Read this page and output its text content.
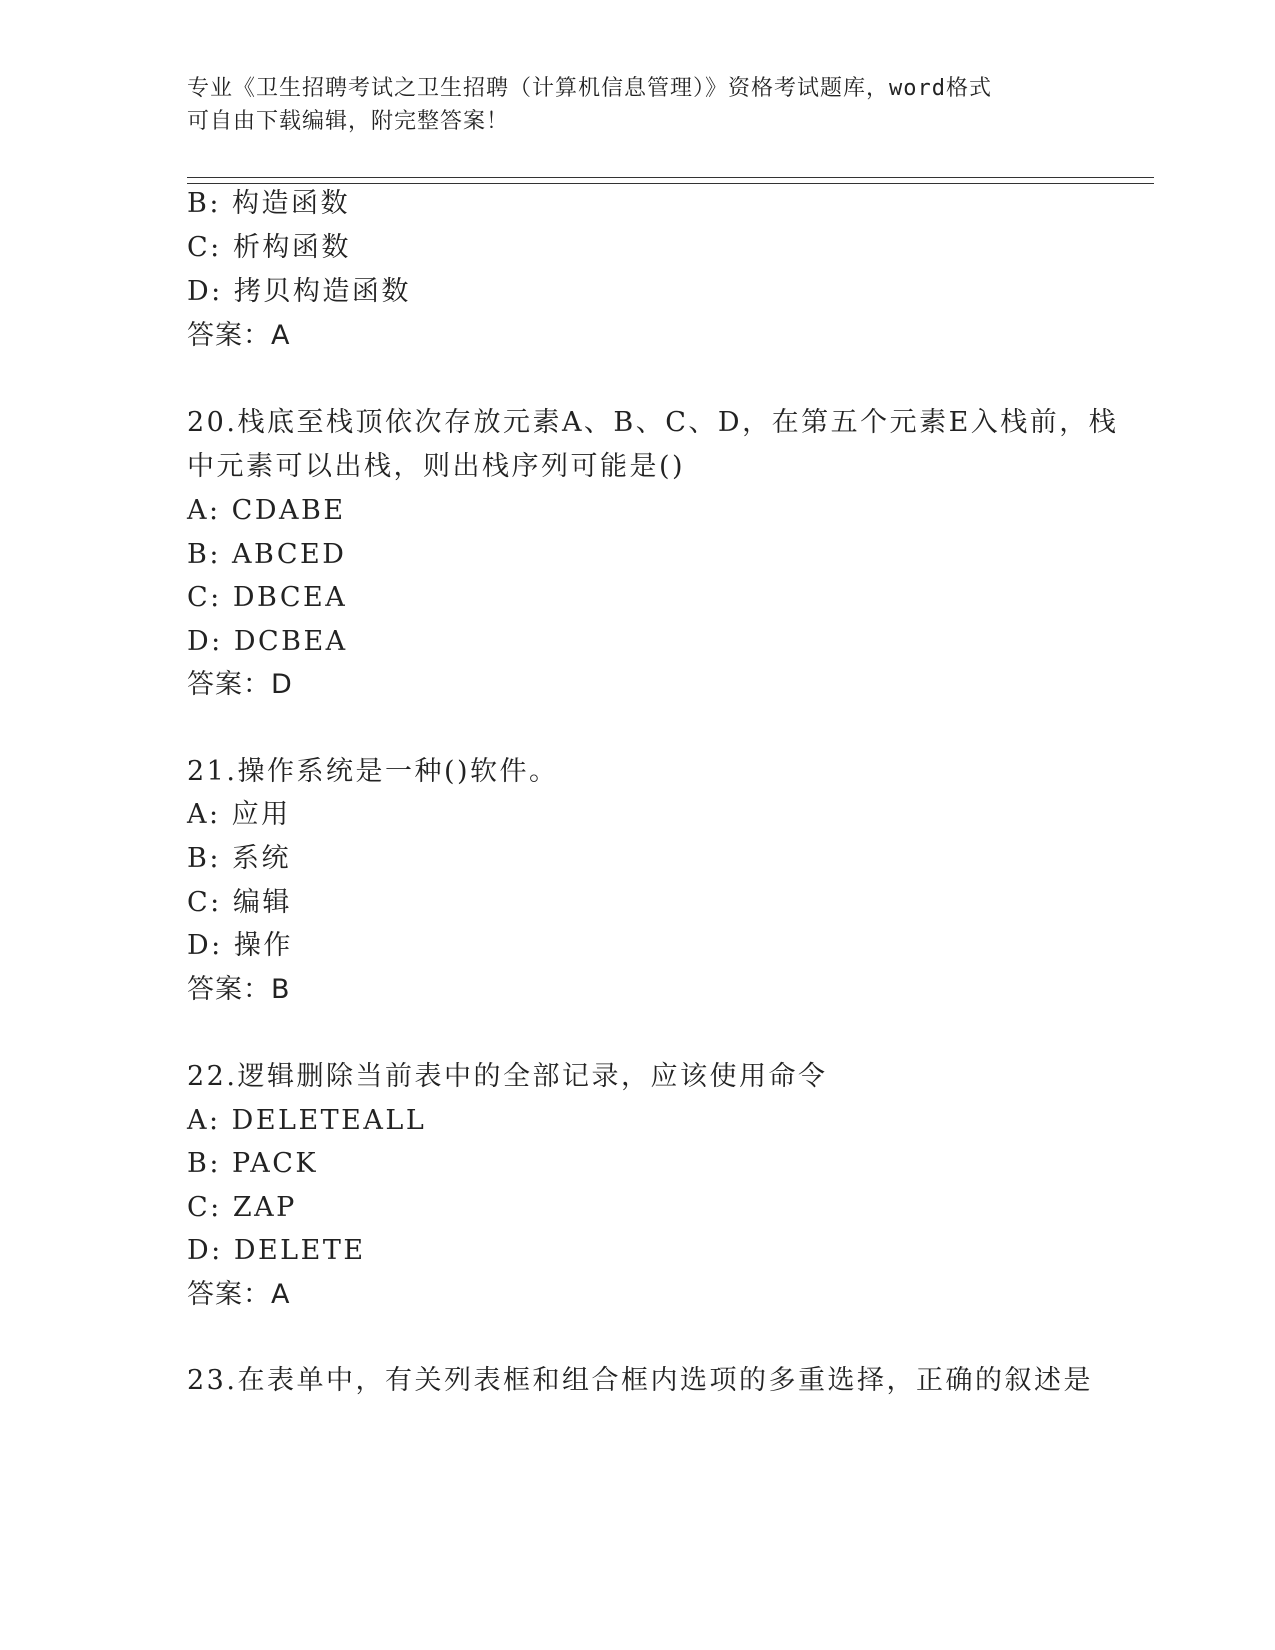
专业《卫生招聘考试之卫生招聘（计算机信息管理）》资格考试题库，word格式
可自由下载编辑，附完整答案！
B: 构造函数
C: 析构函数
D: 拷贝构造函数
答案：A
20.栈底至栈顶依次存放元素A、B、C、D，在第五个元素E入栈前，栈
中元素可以出栈，则出栈序列可能是()
A: CDABE
B: ABCED
C: DBCEA
D: DCBEA
答案：D
21.操作系统是一种()软件。
A: 应用
B: 系统
C: 编辑
D: 操作
答案：B
22.逻辑删除当前表中的全部记录，应该使用命令
A: DELETEALL
B: PACK
C: ZAP
D: DELETE
答案：A
23.在表单中，有关列表框和组合框内选项的多重选择，正确的叙述是
